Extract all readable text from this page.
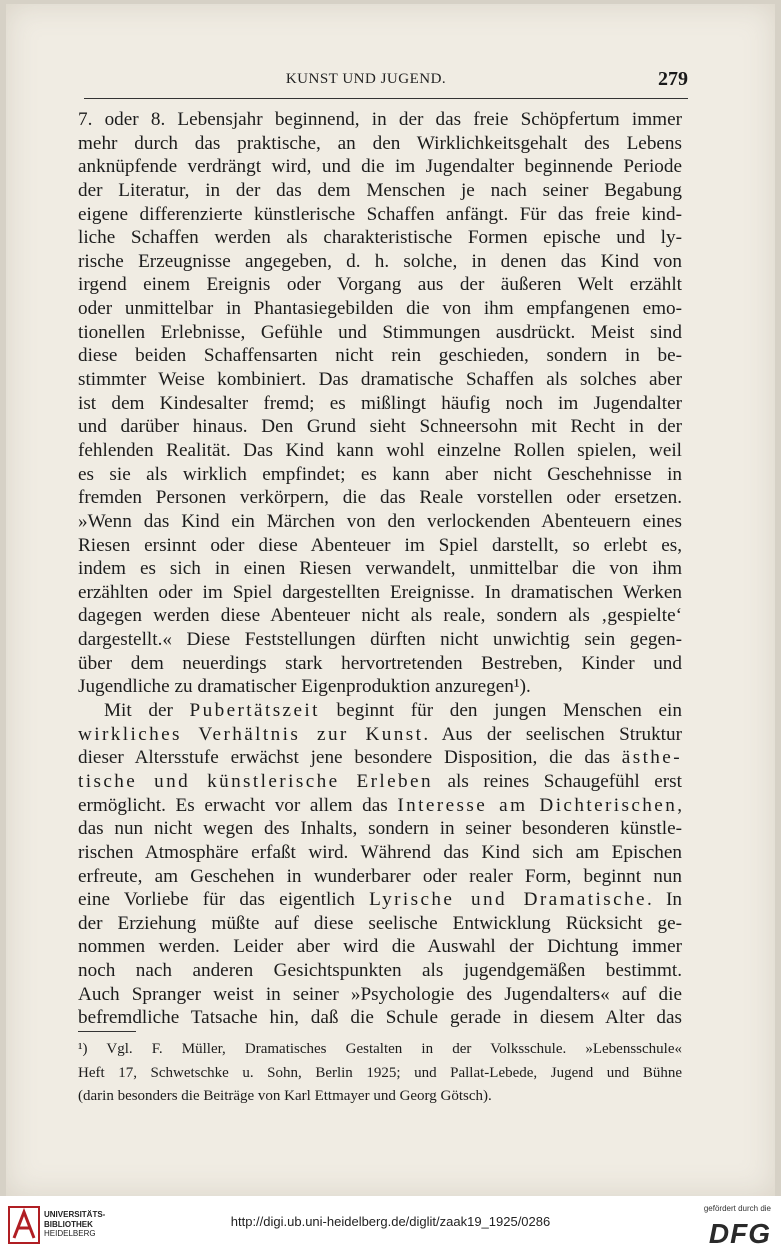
KUNST UND JUGEND.	279
7. oder 8. Lebensjahr beginnend, in der das freie Schöpfertum immer
mehr durch das praktische, an den Wirklichkeitsgehalt des Lebens
anknüpfende verdrängt wird, und die im Jugendalter beginnende Periode
der Literatur, in der das dem Menschen je nach seiner Begabung
eigene differenzierte künstlerische Schaffen anfängt. Für das freie kind-
liche Schaffen werden als charakteristische Formen epische und ly-
rische Erzeugnisse angegeben, d. h. solche, in denen das Kind von
irgend einem Ereignis oder Vorgang aus der äußeren Welt erzählt
oder unmittelbar in Phantasiegebilden die von ihm empfangenen emo-
tionellen Erlebnisse, Gefühle und Stimmungen ausdrückt. Meist sind
diese beiden Schaffensarten nicht rein geschieden, sondern in be-
stimmter Weise kombiniert. Das dramatische Schaffen als solches aber
ist dem Kindesalter fremd; es mißlingt häufig noch im Jugendalter
und darüber hinaus. Den Grund sieht Schneersohn mit Recht in der
fehlenden Realität. Das Kind kann wohl einzelne Rollen spielen, weil
es sie als wirklich empfindet; es kann aber nicht Geschehnisse in
fremden Personen verkörpern, die das Reale vorstellen oder ersetzen.
»Wenn das Kind ein Märchen von den verlockenden Abenteuern eines
Riesen ersinnt oder diese Abenteuer im Spiel darstellt, so erlebt es,
indem es sich in einen Riesen verwandelt, unmittelbar die von ihm
erzählten oder im Spiel dargestellten Ereignisse. In dramatischen Werken
dagegen werden diese Abenteuer nicht als reale, sondern als ‚gespielte‘
dargestellt.« Diese Feststellungen dürften nicht unwichtig sein gegen-
über dem neuerdings stark hervortretenden Bestreben, Kinder und
Jugendliche zu dramatischer Eigenproduktion anzuregen¹).
Mit der Pubertätszeit beginnt für den jungen Menschen ein
wirkliches Verhältnis zur Kunst. Aus der seelischen Struktur
dieser Altersstufe erwächst jene besondere Disposition, die das ästhe-
tische und künstlerische Erleben als reines Schaugefühl erst
ermöglicht. Es erwacht vor allem das Interesse am Dichterischen,
das nun nicht wegen des Inhalts, sondern in seiner besonderen künstle-
rischen Atmosphäre erfaßt wird. Während das Kind sich am Epischen
erfreute, am Geschehen in wunderbarer oder realer Form, beginnt nun
eine Vorliebe für das eigentlich Lyrische und Dramatische. In
der Erziehung müßte auf diese seelische Entwicklung Rücksicht ge-
nommen werden. Leider aber wird die Auswahl der Dichtung immer
noch nach anderen Gesichtspunkten als jugendgemäßen bestimmt.
Auch Spranger weist in seiner »Psychologie des Jugendalters« auf die
befremdliche Tatsache hin, daß die Schule gerade in diesem Alter das
¹) Vgl. F. Müller, Dramatisches Gestalten in der Volksschule. »Lebensschule«
Heft 17, Schwetschke u. Sohn, Berlin 1925; und Pallat-Lebede, Jugend und Bühne
(darin besonders die Beiträge von Karl Ettmayer und Georg Götsch).
UNIVERSITÄTS-
BIBLIOTHEK
HEIDELBERG
http://digi.ub.uni-heidelberg.de/diglit/zaak19_1925/0286
gefördert durch die
DFG
